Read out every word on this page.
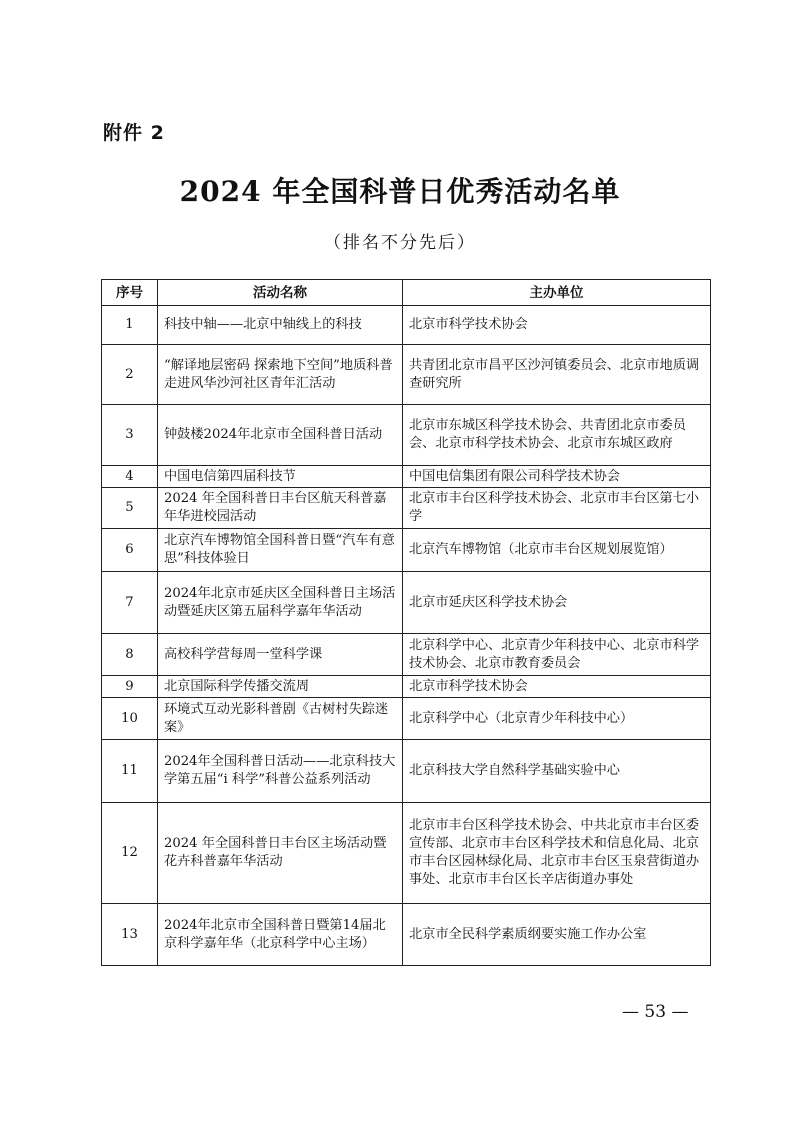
附件 2
2024 年全国科普日优秀活动名单
（排名不分先后）
序号	活动名称	主办单位
1	科技中轴——北京中轴线上的科技	北京市科学技术协会
2	“解译地层密码 探索地下空间”地质科普走进风华沙河社区青年汇活动	共青团北京市昌平区沙河镇委员会、北京市地质调查研究所
3	钟鼓楼2024年北京市全国科普日活动	北京市东城区科学技术协会、共青团北京市委员会、北京市科学技术协会、北京市东城区政府
4	中国电信第四届科技节	中国电信集团有限公司科学技术协会
5	2024 年全国科普日丰台区航天科普嘉年华进校园活动	北京市丰台区科学技术协会、北京市丰台区第七小学
6	北京汽车博物馆全国科普日暨“汽车有意思”科技体验日	北京汽车博物馆（北京市丰台区规划展览馆）
7	2024年北京市延庆区全国科普日主场活动暨延庆区第五届科学嘉年华活动	北京市延庆区科学技术协会
8	高校科学营每周一堂科学课	北京科学中心、北京青少年科技中心、北京市科学技术协会、北京市教育委员会
9	北京国际科学传播交流周	北京市科学技术协会
10	环境式互动光影科普剧《古树村失踪迷案》	北京科学中心（北京青少年科技中心）
11	2024年全国科普日活动——北京科技大学第五届“i 科学”科普公益系列活动	北京科技大学自然科学基础实验中心
12	2024 年全国科普日丰台区主场活动暨花卉科普嘉年华活动	北京市丰台区科学技术协会、中共北京市丰台区委宣传部、北京市丰台区科学技术和信息化局、北京市丰台区园林绿化局、北京市丰台区玉泉营街道办事处、北京市丰台区长辛店街道办事处
13	2024年北京市全国科普日暨第14届北京科学嘉年华（北京科学中心主场）	北京市全民科学素质纲要实施工作办公室
— 53 —
